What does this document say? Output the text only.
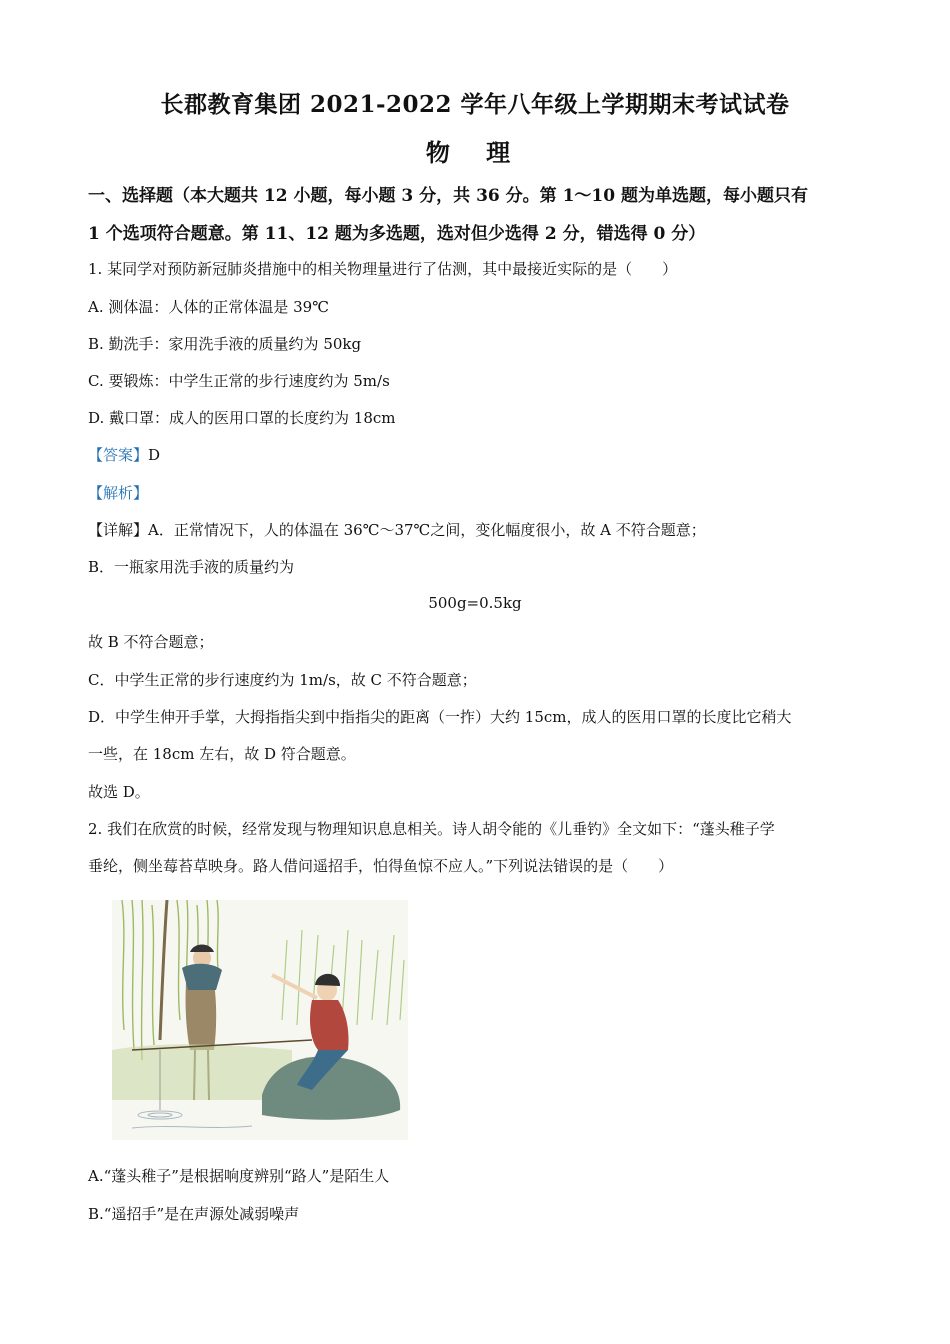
长郡教育集团 2021-2022 学年八年级上学期期末考试试卷
物 理
一、选择题（本大题共 12 小题，每小题 3 分，共 36 分。第 1～10 题为单选题，每小题只有
1 个选项符合题意。第 11、12 题为多选题，选对但少选得 2 分，错选得 0 分）
1. 某同学对预防新冠肺炎措施中的相关物理量进行了估测，其中最接近实际的是（　　）
A. 测体温：人体的正常体温是 39℃
B. 勤洗手：家用洗手液的质量约为 50kg
C. 要锻炼：中学生正常的步行速度约为 5m/s
D. 戴口罩：成人的医用口罩的长度约为 18cm
【答案】D
【解析】
【详解】A．正常情况下，人的体温在 36℃～37℃之间，变化幅度很小，故 A 不符合题意；
B．一瓶家用洗手液的质量约为
500g=0.5kg
故 B 不符合题意；
C．中学生正常的步行速度约为 1m/s，故 C 不符合题意；
D．中学生伸开手掌，大拇指指尖到中指指尖的距离（一拃）大约 15cm，成人的医用口罩的长度比它稍大
一些，在 18cm 左右，故 D 符合题意。
故选 D。
2. 我们在欣赏的时候，经常发现与物理知识息息相关。诗人胡令能的《儿垂钓》全文如下：“蓬头稚子学
垂纶，侧坐莓苔草映身。路人借问遥招手，怕得鱼惊不应人。”下列说法错误的是（　　）
A.“蓬头稚子”是根据响度辨别“路人”是陌生人
B.“遥招手”是在声源处减弱噪声
